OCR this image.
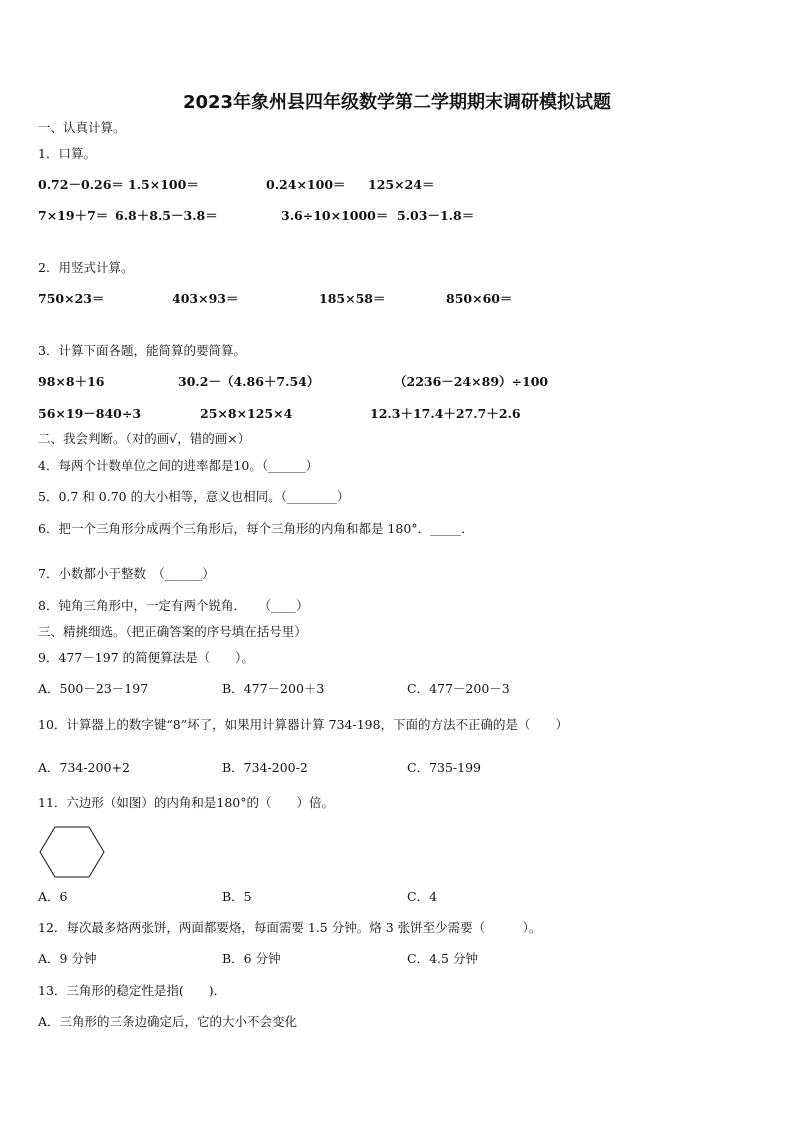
2023年象州县四年级数学第二学期期末调研模拟试题
一、认真计算。
1．口算。
0.72－0.26＝ 1.5×100＝	0.24×100＝ 125×24＝
7×19＋7＝ 6.8＋8.5－3.8＝	3.6÷10×1000＝ 5.03－1.8＝
2．用竖式计算。
750×23＝	403×93＝	185×58＝	850×60＝
3．计算下面各题，能简算的要简算。
98×8＋16	30.2－（4.86＋7.54）	（2236－24×89）÷100
56×19－840÷3	25×8×125×4	12.3＋17.4＋27.7＋2.6
二、我会判断。（对的画√，错的画×）
4．每两个计数单位之间的进率都是10。（______）
5．0.7 和 0.70 的大小相等，意义也相同。（________）
6．把一个三角形分成两个三角形后，每个三角形的内角和都是 180°．_____．
7．小数都小于整数　（______）
8．钝角三角形中，一定有两个锐角．　　（____）
三、精挑细选。（把正确答案的序号填在括号里）
9．477－197 的简便算法是（　　）。
A．500－23－197	B．477－200＋3	C．477－200－3
10．计算器上的数字键“8”坏了，如果用计算器计算 734-198，下面的方法不正确的是（　　）
A．734-200+2	B．734-200-2	C．735-199
11．六边形（如图）的内角和是180°的（　　）倍。
A．6	B．5	C．4
12．每次最多烙两张饼，两面都要烙，每面需要 1.5 分钟。烙 3 张饼至少需要（　　　）。
A．9 分钟	B．6 分钟	C．4.5 分钟
13．三角形的稳定性是指(　　)．
A．三角形的三条边确定后，它的大小不会变化
